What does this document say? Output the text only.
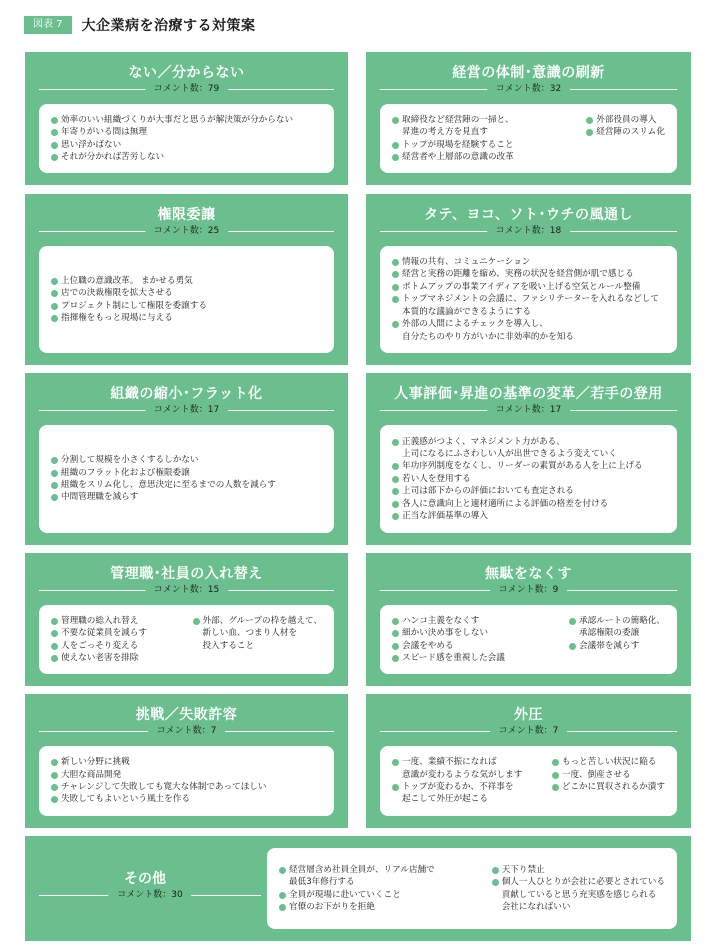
図表 7	大企業病を治療する対策案
ない／分からない
コメント数：79
効率のいい組織づくりが大事だと思うが解決策が分からない
年寄りがいる間は無理
思い浮かばない
それが分かれば苦労しない
経営の体制･意識の刷新
コメント数：32
取締役など経営陣の一掃と、
昇進の考え方を見直す
トップが現場を経験すること
経営者や上層部の意識の改革
外部役員の導入
経営陣のスリム化
権限委譲
コメント数：25
上位職の意識改革。 まかせる勇気
店での決裁権限を拡大させる
プロジェクト制にして権限を委譲する
指揮権をもっと現場に与える
タテ、ヨコ、ソト･ウチの風通し
コメント数：18
情報の共有、コミュニケーション
経営と実務の距離を縮め、実務の状況を経営側が肌で感じる
ボトムアップの事業アイディアを吸い上げる空気とルール整備
トップマネジメントの会議に、ファシリテーターを入れるなどして
本質的な議論ができるようにする
外部の人間によるチェックを導入し、
自分たちのやり方がいかに非効率的かを知る
組織の縮小･フラット化
コメント数：17
分割して規模を小さくするしかない
組織のフラット化および権限委譲
組織をスリム化し、意思決定に至るまでの人数を減らす
中間管理職を減らす
人事評価･昇進の基準の変革／若手の登用
コメント数：17
正義感がつよく、マネジメント力がある、
上司になるにふさわしい人が出世できるよう変えていく
年功序列制度をなくし、リーダーの素質がある人を上に上げる
若い人を登用する
上司は部下からの評価においても査定される
各人に意識向上と適材適所による評価の格差を付ける
正当な評価基準の導入
管理職･社員の入れ替え
コメント数：15
管理職の総入れ替え
不要な従業員を減らす
人をごっそり変える
使えない老害を排除
外部、グループの枠を越えて、
新しい血、つまり人材を
投入すること
無駄をなくす
コメント数：9
ハンコ主義をなくす
細かい決め事をしない
会議をやめる
スピード感を重視した会議
承認ルートの簡略化、
承認権限の委譲
会議帯を減らす
挑戦／失敗許容
コメント数：7
新しい分野に挑戦
大胆な商品開発
チャレンジして失敗しても寛大な体制であってほしい
失敗してもよいという風土を作る
外圧
コメント数：7
一度、業績不振になれば
意識が変わるような気がします
トップが変わるか、不祥事を
起こして外圧が起こる
もっと苦しい状況に陥る
一度、倒産させる
どこかに買収されるか潰す
その他
コメント数：30
経営層含め社員全員が、リアル店舗で
最低3年修行する
全員が現場に赴いていくこと
官僚のお下がりを拒絶
天下り禁止
個人一人ひとりが会社に必要とされている
貢献していると思う充実感を感じられる
会社になればいい
